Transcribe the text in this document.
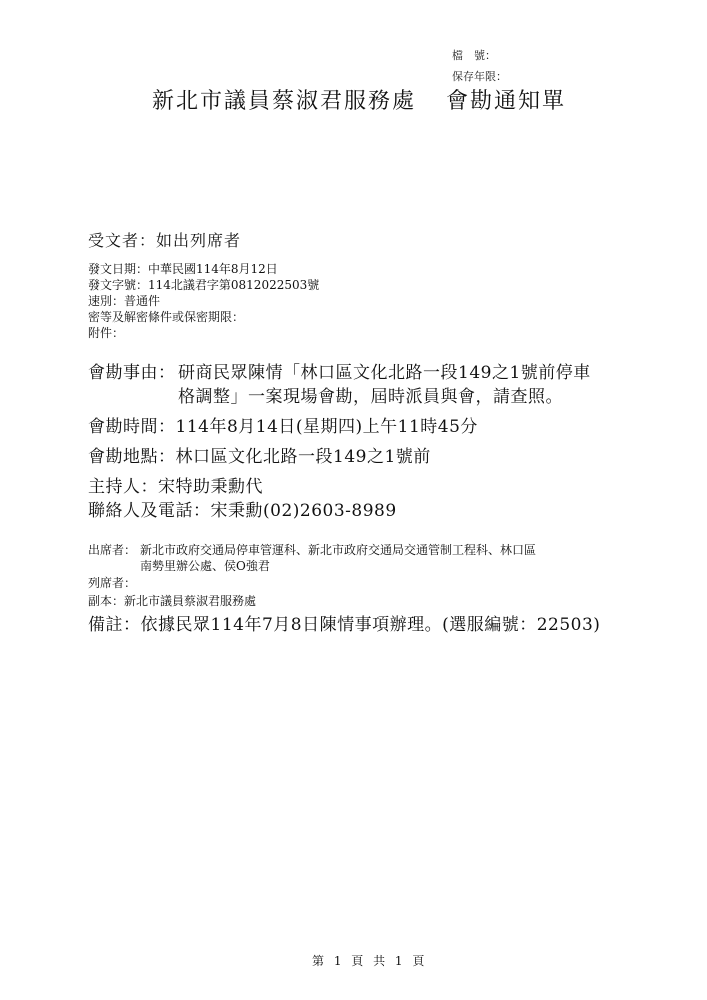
檔　號：
保存年限：
新北市議員蔡淑君服務處 會勘通知單
受文者：如出列席者
發文日期：中華民國114年8月12日
發文字號：114北議君字第0812022503號
速別：普通件
密等及解密條件或保密期限：
附件：
會勘事由： 研商民眾陳情「林口區文化北路一段149之1號前停車
格調整」一案現場會勘，屆時派員與會，請查照。
會勘時間：114年8月14日(星期四)上午11時45分
會勘地點：林口區文化北路一段149之1號前
主持人：宋特助秉勳代
聯絡人及電話：宋秉勳(02)2603-8989
出席者： 新北市政府交通局停車管運科、新北市政府交通局交通管制工程科、林口區
南勢里辦公處、侯O強君
列席者：
副本：新北市議員蔡淑君服務處
備註：依據民眾114年7月8日陳情事項辦理。(選服編號：22503)
第 1 頁 共 1 頁
